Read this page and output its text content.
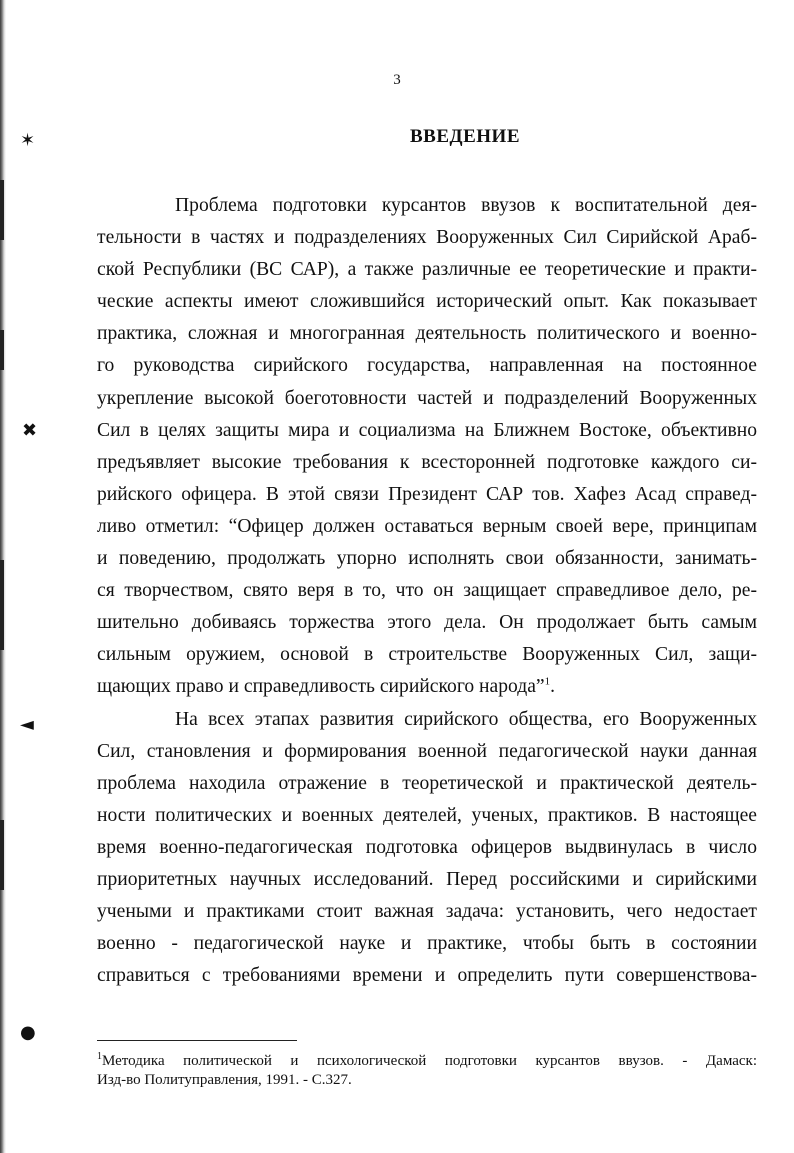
✶
✖
◄
●
3
ВВЕДЕНИЕ
Проблема подготовки курсантов ввузов к воспитательной дея-
тельности в частях и подразделениях Вооруженных Сил Сирийской Араб-
ской Республики (ВС САР), а также различные ее теоретические и практи-
ческие аспекты имеют сложившийся исторический опыт. Как показывает
практика, сложная и многогранная деятельность политического и военно-
го руководства сирийского государства, направленная на постоянное
укрепление высокой боеготовности частей и подразделений Вооруженных
Сил в целях защиты мира и социализма на Ближнем Востоке, объективно
предъявляет высокие требования к всесторонней подготовке каждого си-
рийского офицера. В этой связи Президент САР тов. Хафез Асад справед-
ливо отметил: “Офицер должен оставаться верным своей вере, принципам
и поведению, продолжать упорно исполнять свои обязанности, занимать-
ся творчеством, свято веря в то, что он защищает справедливое дело, ре-
шительно добиваясь торжества этого дела. Он продолжает быть самым
сильным оружием, основой в строительстве Вооруженных Сил, защи-
щающих право и справедливость сирийского народа”$^1$.
На всех этапах развития сирийского общества, его Вооруженных
Сил, становления и формирования военной педагогической науки данная
проблема находила отражение в теоретической и практической деятель-
ности политических и военных деятелей, ученых, практиков. В настоящее
время военно-педагогическая подготовка офицеров выдвинулась в число
приоритетных научных исследований. Перед российскими и сирийскими
учеными и практиками стоит важная задача: установить, чего недостает
военно - педагогической науке и практике, чтобы быть в состоянии
справиться с требованиями времени и определить пути совершенствова-
$^1$Методика политической и психологической подготовки курсантов ввузов. - Дамаск:
Изд-во Политуправления, 1991. - С.327.
